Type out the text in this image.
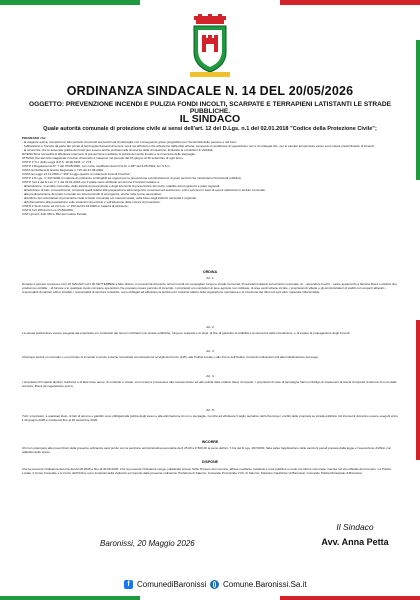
ORDINANZA SINDACALE N. 14 DEL 20/05/2026
OGGETTO: PREVENZIONE INCENDI E PULIZIA FONDI INCOLTI, SCARPATE E TERRAPIENI LATISTANTI LE STRADE PUBBLICHE.
IL SINDACO
Quale autorità comunale di protezione civile ai sensi dell'art. 12 del D.Lgs. n.1 del 02.01.2018 "Codice della Protezione Civile";

PREMESSO che:

- la stagione estiva, comporta un alto pericolo di incendi sia boschi sia di sterpaglie con conseguente grave pregiudizio per l'incolumità delle persone e dei beni;

- l'abbandono e l'incuria da parte dei privati di fondi appezzamenti di terreni, posti sia all'interno che all'esterno della città urbana, comporta un proliferare di vegetazione non è di strategia che, per le elevate temperature estive sono causa predominante di incendi;

- la sicurezza, che le tesserate pulizie dei fondi può essere anche problemi alla sicurezza della circolazione, limitando le condizioni di visibilità;

RITENUTA la necessità di effettuare interventi di prevenzione mediante la pulizia del verde incolto e la rimozione delle sterpaglie;

ATTESO che dal ciclo stagionale il rischio d'incendio è massimo nel periodo dal 15 giugno al 30 settembre di ogni anno;

VISTO il T.U. delle Leggi di P.S. 18.06.1931, n° 773;

VISTO il Regolamento N° 7 del 07/05/1996, con come modificato dal D.P.G.R. n.287 del 9.05.2003, Art. 9.5.C.;

VISTA la Delibera di Giunta Regionale n.715 del 31.08.2009;

VISTA la Legge 21.11.2000 n° 353 "Legge-quadro in materia di incendi boschivi";

VISTO il D.Lgs. n° 267/2000 in materia di ordinanze contingibili ed urgenti per la prevenzione ed eliminazione di gravi pericoli che minacciano l'incolumità pubblica;

VISTO l'art.2 del D.Lvo n° 1 del 02.01.2018 con il quale viene attribuito al comune il funzioni relative a:

- all'attuazione, in ambito comunale, delle attività di prevenzione e degli interventi di prevenzione dei rischi, stabilite dai programmi e piani regionali;

- all'adozione di tutti i provvedimenti, compresi quelli relativi alla preparazione all'emergenza, necessari ad assicurare i primi soccorsi in caso di eventi calamitosi in ambito comunale;

- alla predisposizione dei piani comunali e/o intercomunali di emergenza, anche nelle forme associative;

- all'utilizzo del volontariato di protezione civile a livello comunale e/o intercomunale, sulla base degli indirizzi nazionali e regionali;

- all'informazione alla popolazione sulle situazioni di pericolo e sull'adozione delle misure di protezione;

VISTO il Testo Unico ed il D.Lvo. n° 152 del 03.04.2006 in materia di ambiente;

VISTO l'art 255 del D.Lvo n°152/2006;

VISTI gli artt. 449, 650 e 652 del Codice Penale;

ORDINA
Art. 1
Durante il periodo compreso tra il 22 MAGGIO ed il 30 SETTEMBRE a fatto divieto, in prossimità di boschi, terreni incolti e/o cespugliati, lungo le strade Comunali, Provinciali ricadenti sul territorio comunale, di: - accendere fuochi; - usare apparecchi a fiamma libera o elettrici che producono scintille; - di fumare o in qualsiasi modo compiere operazioni che possano creare pericolo di incendio. I proprietari e/o conduttori di aree agricole non coltivate, di aree verdi urbane incolte, i proprietari di villette e gli amministratori di stabili con scoperti alberati, i responsabili di cantieri edili e stradali, i responsabili di strutture turistiche, sono obbligati ad effettuare la pulizia ed il costante sfalcio della vegetazione spontanea e la rimozione dei rifiuti ed ogni altro materiale infiammabile.
Art. 2
La stessa pulizia deve essere eseguita dai proprietari e/o conduttori dei terreni confinanti con strade pubbliche, lungo le scarpate e le siepi, al fine di garantire la visibilità e la sicurezza della circolazione, e di evitare la propagazione degli incendi.
Art. 3
Chiunque avvisti un incendio o un principio di incendio è tenuto a darne immediata comunicazione ai Vigili del Fuoco (115), alla Polizia Locale o alle Forze dell'Ordine, fornendo indicazioni utili alla individuazione del luogo.
Art. 4
I proprietari di impianti elettrici, telefonici e di altre linee aeree, di condotte e strade, sono tenuti a provvedere alla manutenzione ed alla pulizia delle relative fasce di rispetto. I proprietari di case di campagna hanno l'obbligo di mantenere la fascia di rispetto di almeno 5 metri dalle strutture, libera da vegetazione secca.
Art. 5
Tutti i proprietari, a qualsiasi titolo, di lotti di terreno e giardini sono obbligati alla pulizia degli stessi e alla eliminazione di rovi e sterpaglie, nonché ad effettuare il taglio periodico dell'erba lungo i confini delle proprietà su strada pubblica. Gli interventi dovranno essere eseguiti entro il 30 giugno 2026 e mantenuti fino al 30 settembre 2026.
INCORRE
Chi non ottempera alle prescrizioni della presente ordinanza sarà punito con la sanzione amministrativa pecuniaria da € 25,00 a € 500,00 ai sensi dell'art. 7-bis del D.Lgs. 267/2000, fatta salva l'applicazione delle sanzioni penali previste dalla legge e l'esecuzione d'ufficio con addebito delle spese.
DISPONE
Che la presente Ordinanza decorra dal 22.05.2026 e fino al 30.09.2026. Che la presente Ordinanza venga: pubblicata presso l'Albo Pretorio del Comune; affissa mediante manifesti e resa pubblica su tutto il territorio comunale; inserita nel sito ufficiale del Comune. La Polizia Locale, il Corpo Forestale e le Forze dell'Ordine sono incaricati della vigilanza sul rispetto della presente ordinanza. Prefettura di Salerno; Comando Provinciale VV.F. di Salerno; Stazione Carabinieri di Baronissi; Comando Polizia Municipale di Baronissi.
Baronissi, 20 Maggio 2026
Il Sindaco
Avv. Anna Petta
f ComunediBaronissi Comune.Baronissi.Sa.it
